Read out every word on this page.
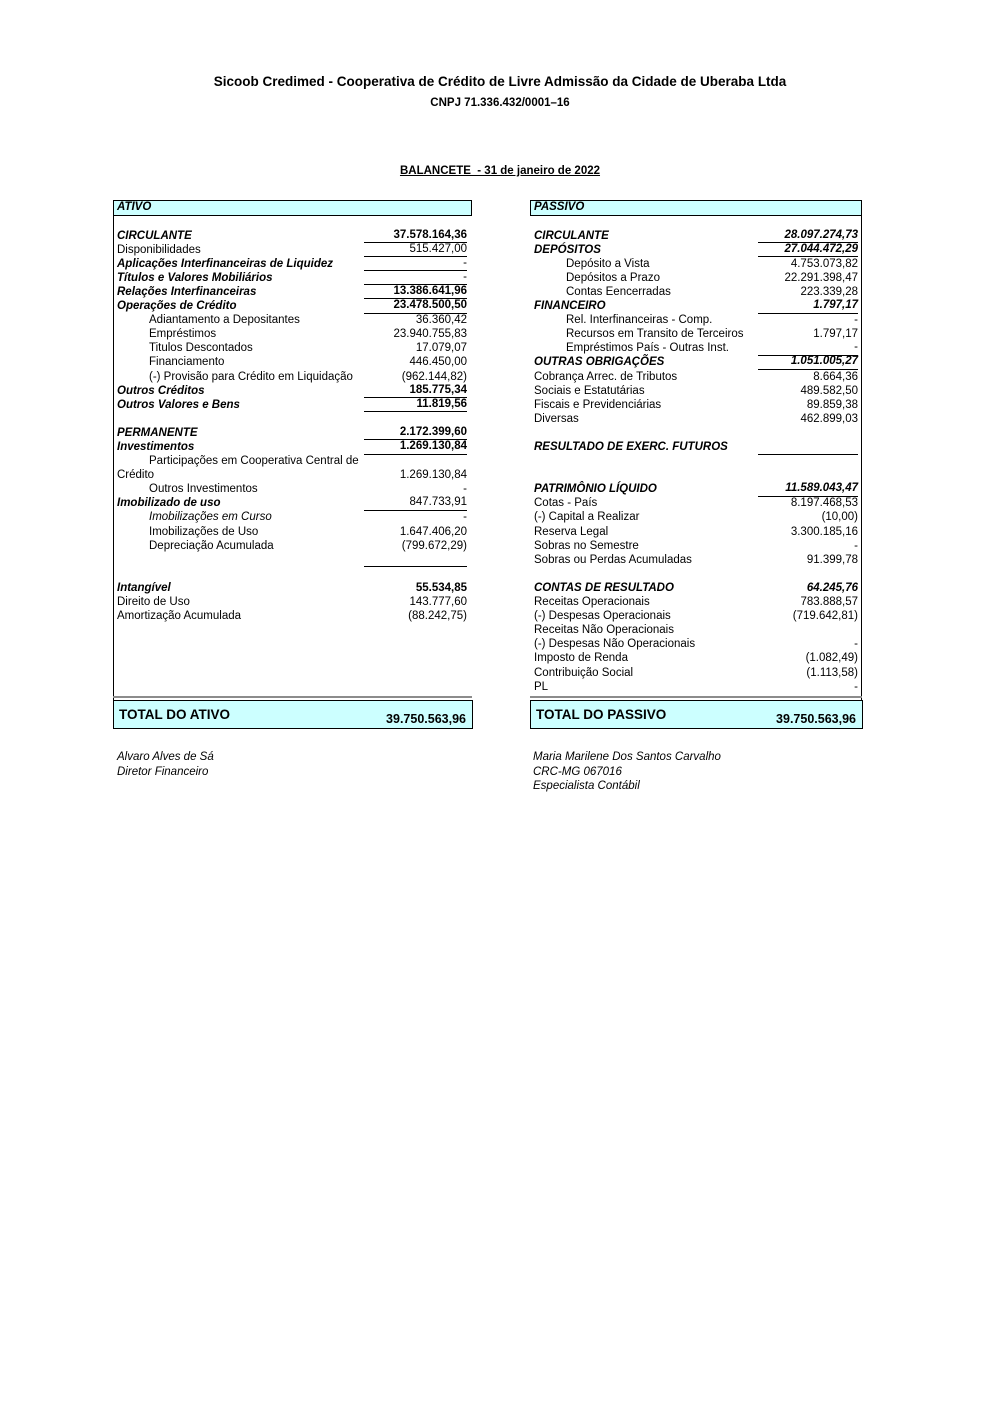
Sicoob Credimed - Cooperativa de Crédito de Livre Admissão da Cidade de Uberaba Ltda
CNPJ 71.336.432/0001–16
BALANCETE  - 31 de janeiro de 2022
ATIVO
CIRCULANTE	37.578.164,36
Disponibilidades	515.427,00
Aplicações Interfinanceiras de Liquidez	-
Títulos e Valores Mobiliários	-
Relações Interfinanceiras	13.386.641,96
Operações de Crédito	23.478.500,50
Adiantamento a Depositantes	36.360,42
Empréstimos	23.940.755,83
Titulos Descontados	17.079,07
Financiamento	446.450,00
(-) Provisão para Crédito em Liquidação	(962.144,82)
Outros Créditos	185.775,34
Outros Valores e Bens	11.819,56
PERMANENTE	2.172.399,60
Investimentos	1.269.130,84
Participações em Cooperativa Central de
Crédito	1.269.130,84
Outros Investimentos	-
Imobilizado de uso	847.733,91
Imobilizações em Curso	-
Imobilizações de Uso	1.647.406,20
Depreciação Acumulada	(799.672,29)
Intangível	55.534,85
Direito de Uso	143.777,60
Amortização Acumulada	(88.242,75)
PASSIVO
CIRCULANTE	28.097.274,73
DEPÓSITOS	27.044.472,29
Depósito a Vista	4.753.073,82
Depósitos a Prazo	22.291.398,47
Contas Eencerradas	223.339,28
FINANCEIRO	1.797,17
Rel. Interfinanceiras - Comp.	-
Recursos em Transito de Terceiros	1.797,17
Empréstimos País - Outras Inst.	-
OUTRAS OBRIGAÇÕES	1.051.005,27
Cobrança Arrec. de Tributos	8.664,36
Sociais e Estatutárias	489.582,50
Fiscais e Previdenciárias	89.859,38
Diversas	462.899,03
RESULTADO DE EXERC. FUTUROS
PATRIMÔNIO LÍQUIDO	11.589.043,47
Cotas - País	8.197.468,53
(-) Capital a Realizar	(10,00)
Reserva Legal	3.300.185,16
Sobras no Semestre	-
Sobras ou Perdas Acumuladas	91.399,78
CONTAS DE RESULTADO	64.245,76
Receitas Operacionais	783.888,57
(-) Despesas Operacionais	(719.642,81)
Receitas Não Operacionais
(-) Despesas Não Operacionais	-
Imposto de Renda	(1.082,49)
Contribuição Social	(1.113,58)
PL	-
TOTAL DO ATIVO	39.750.563,96	TOTAL DO PASSIVO	39.750.563,96
Alvaro Alves de Sá
Diretor Financeiro
Maria Marilene Dos Santos Carvalho
CRC-MG 067016
Especialista Contábil
